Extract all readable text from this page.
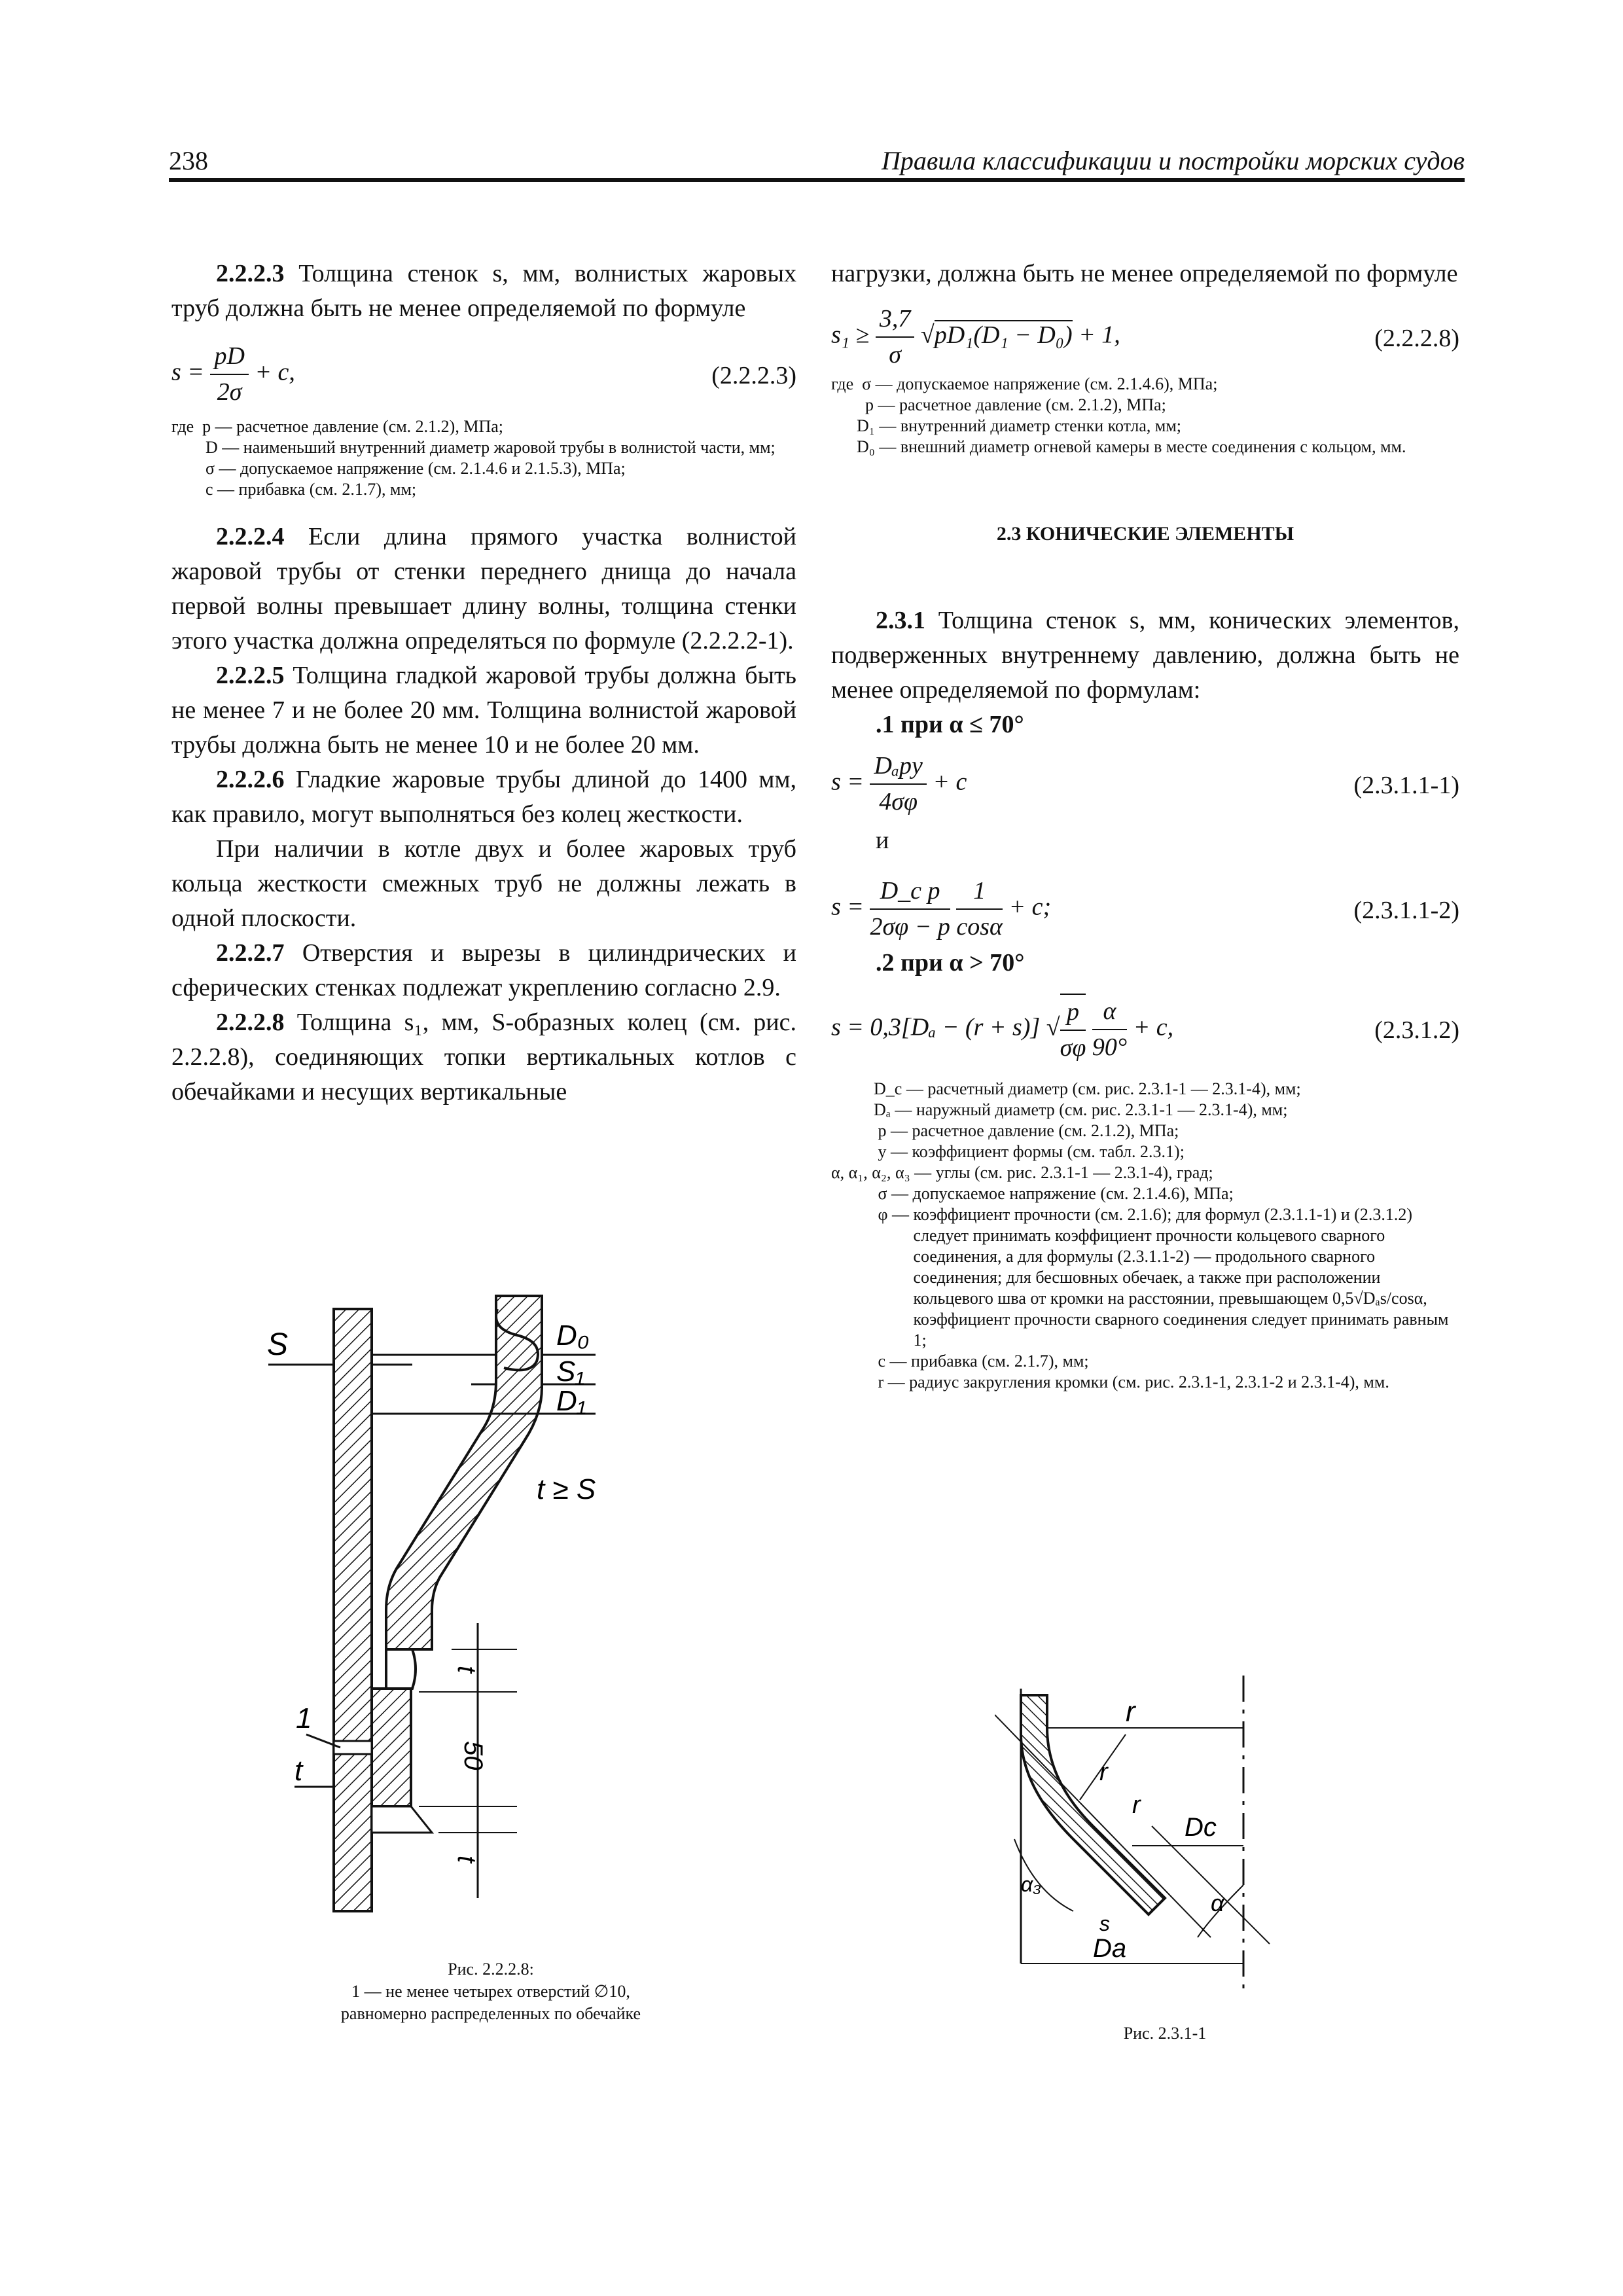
238	Правила классификации и постройки морских судов

2.2.2.3 Толщина стенок s, мм, волнистых жаровых труб должна быть не менее определяемой по формуле

$s = \frac{pD}{2\sigma} + c$,	(2.2.2.3)
где  p — расчетное давление (см. 2.1.2), МПа;
D — наименьший внутренний диаметр жаровой трубы в волнистой части, мм;
σ — допускаемое напряжение (см. 2.1.4.6 и 2.1.5.3), МПа;
c — прибавка (см. 2.1.7), мм;

2.2.2.4 Если длина прямого участка волнистой жаровой трубы от стенки переднего днища до начала первой волны превышает длину волны, толщина стенки этого участка должна определяться по формуле (2.2.2.2-1).

2.2.2.5 Толщина гладкой жаровой трубы должна быть не менее 7 и не более 20 мм. Толщина волнистой жаровой трубы должна быть не менее 10 и не более 20 мм.

2.2.2.6 Гладкие жаровые трубы длиной до 1400 мм, как правило, могут выполняться без колец жесткости.

При наличии в котле двух и более жаровых труб кольца жесткости смежных труб не должны лежать в одной плоскости.

2.2.2.7 Отверстия и вырезы в цилиндрических и сферических стенках подлежат укреплению согласно 2.9.

2.2.2.8 Толщина s₁, мм, S-образных колец (см. рис. 2.2.2.8), соединяющих топки вертикальных котлов с обечайками и несущих вертикальные

S
1
t
D₀
S₁
D₁
t ≥ S
t
50
t
Рис. 2.2.2.8:
1 — не менее четырех отверстий ∅10,
равномерно распределенных по обечайке

нагрузки, должна быть не менее определяемой по формуле

$s_1 \ge \frac{3,7}{\sigma} √pD_1(D_1 - D_0) + 1$,	(2.2.2.8)
где  σ — допускаемое напряжение (см. 2.1.4.6), МПа;
p — расчетное давление (см. 2.1.2), МПа;
D₁ — внутренний диаметр стенки котла, мм;
D₀ — внешний диаметр огневой камеры в месте соединения с кольцом, мм.
2.3 КОНИЧЕСКИЕ ЭЛЕМЕНТЫ

2.3.1 Толщина стенок s, мм, конических элементов, подверженных внутреннему давлению, должна быть не менее определяемой по формулам:

.1 при α ≤ 70°

$s = \frac{\text{Dₐpy}}{4\sigma\varphi} + c$	(2.3.1.1-1)

и

$s = \frac{\text{D\_c p}}{2\sigma\varphi - p}$
$\frac{1}{\cos\alpha} + c$;	(2.3.1.1-2)

.2 при α > 70°

s = 0,3[Dₐ − (r + s)] √ $\frac{p}{\sigma\varphi}$
$\frac{\alpha}{90^\circ} + c$,	(2.3.1.2)
D_c — расчетный диаметр (см. рис. 2.3.1-1 — 2.3.1-4), мм;
Dₐ — наружный диаметр (см. рис. 2.3.1-1 — 2.3.1-4), мм;
p — расчетное давление (см. 2.1.2), МПа;
y — коэффициент формы (см. табл. 2.3.1);
α, α₁, α₂, α₃ — углы (см. рис. 2.3.1-1 — 2.3.1-4), град;
σ — допускаемое напряжение (см. 2.1.4.6), МПа;
φ — коэффициент прочности (см. 2.1.6); для формул (2.3.1.1-1) и (2.3.1.2) следует принимать коэффициент прочности кольцевого сварного соединения, а для формулы (2.3.1.1-2) — продольного сварного соединения; для бесшовных обечаек, а также при расположении кольцевого шва от кромки на расстоянии, превышающем 0,5√Dₐs/cosα, коэффициент прочности сварного соединения следует принимать равным 1;
c — прибавка (см. 2.1.7), мм;
r — радиус закругления кромки (см. рис. 2.3.1-1, 2.3.1-2 и 2.3.1-4), мм.
r
r
r
Dc
Da
s
α₃
α
Рис. 2.3.1-1
